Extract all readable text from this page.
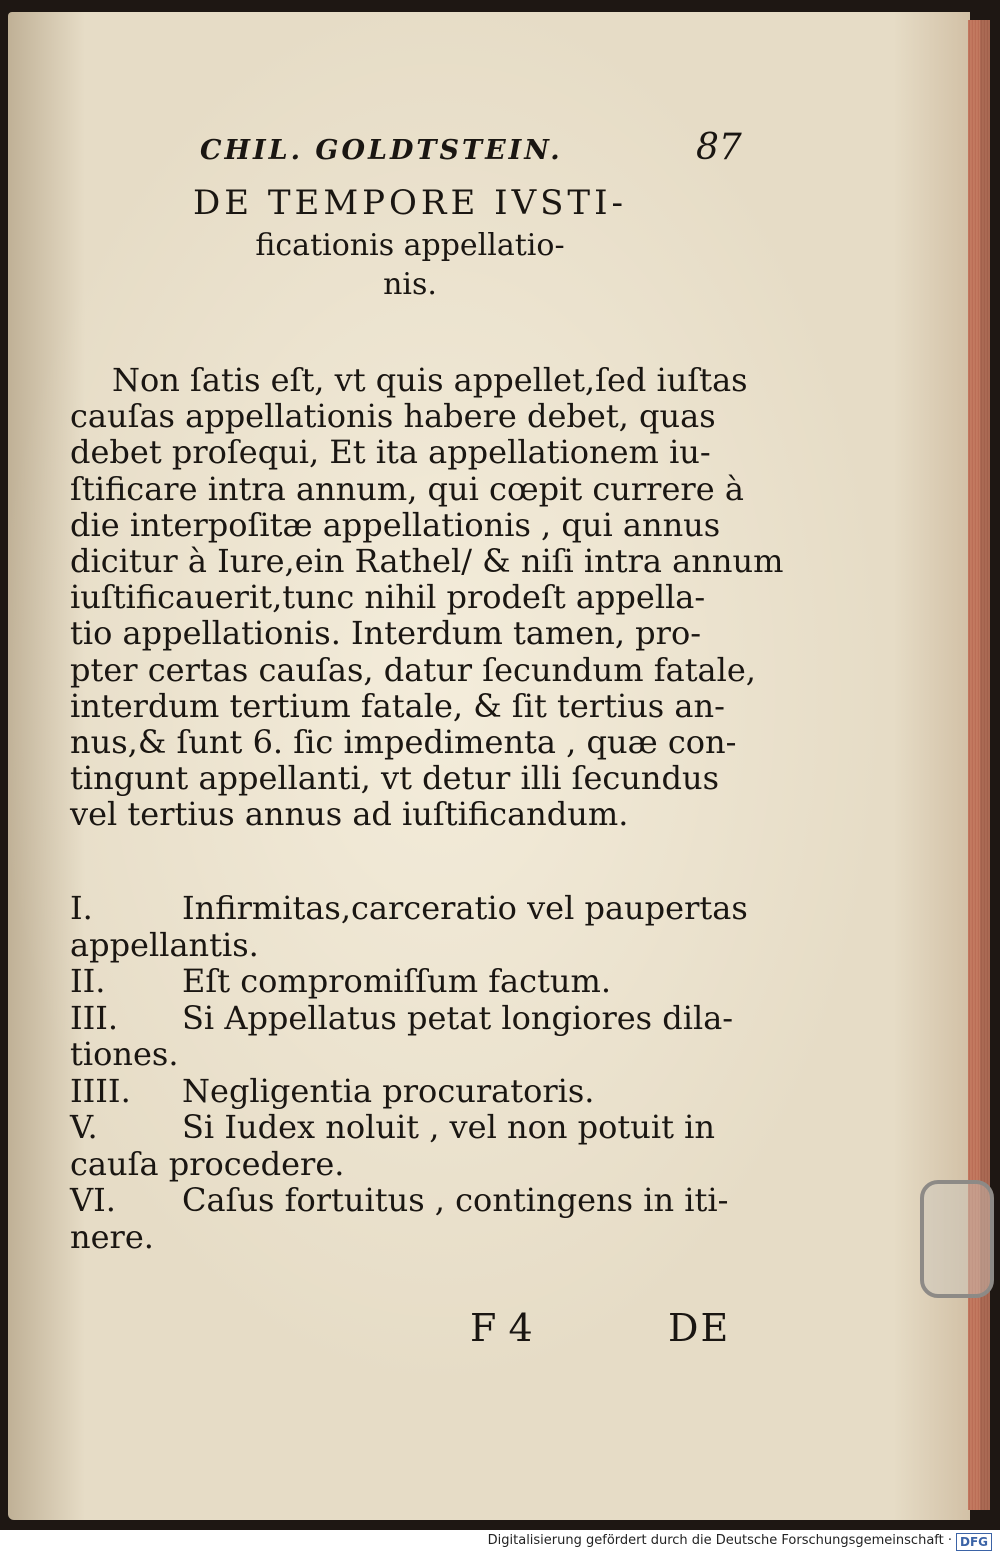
CHIL. GOLDTSTEIN.	87
DE TEMPORE IVSTI-
ficationis appellatio-
nis.
Non ſatis eſt, vt quis appellet,ſed iuſtas
cauſas appellationis habere debet, quas
debet proſequi, Et ita appellationem iu-
ſtificare intra annum, qui cœpit currere à
die interpoſitæ appellationis , qui annus
dicitur à Iure,ein Rathel/ & niſi intra annum
iuſtificauerit,tunc nihil prodeſt appella-
tio appellationis. Interdum tamen, pro-
pter certas cauſas, datur ſecundum fatale,
interdum tertium fatale, & ſit tertius an-
nus,& ſunt 6. ſic impedimenta , quæ con-
tingunt appellanti, vt detur illi ſecundus
vel tertius annus ad iuſtificandum.
I.	Infirmitas,carceratio vel paupertas
appellantis.
II. Eſt compromiſſum factum.
III. Si Appellatus petat longiores dila-
tiones.
IIII. Negligentia procuratoris.
V.	Si Iudex noluit , vel non potuit in
cauſa procedere.
VI. Caſus fortuitus , contingens in iti-
nere.
F 4	DE
Digitalisierung gefördert durch die Deutsche Forschungsgemeinschaft · DFG
